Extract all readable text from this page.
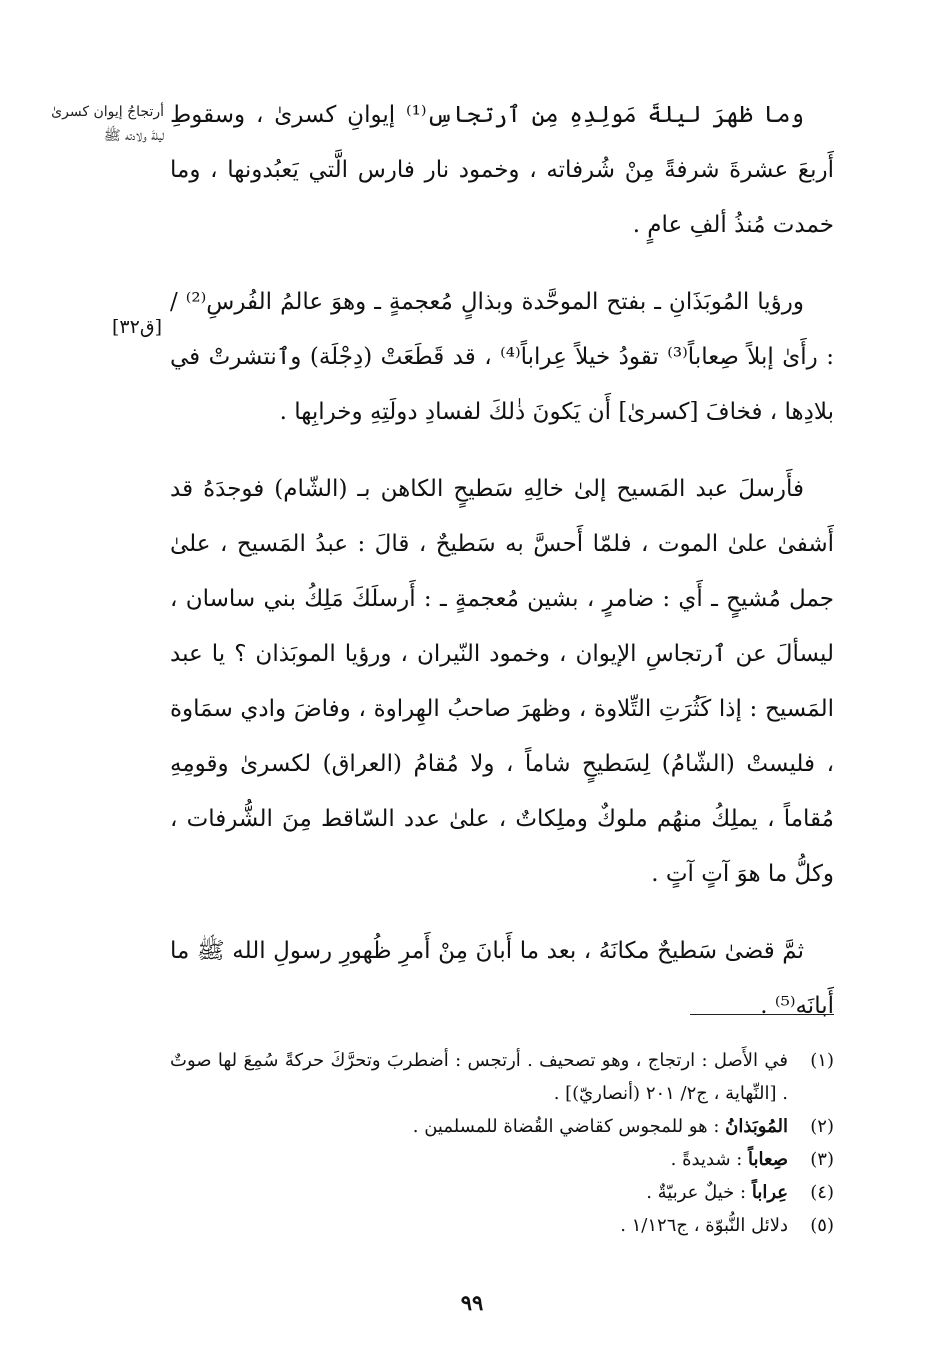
أرتجاجُ إيوان كسرىٰ
ليلةَ ولادته ﷺ
[ق٣٢]

وما ظهرَ ليلةَ مَولِدِهِ مِن ٱرتجاسِ⁽¹⁾ إيوانِ كسرىٰ ، وسقوطِ أَربعَ عشرةَ شرفةً مِنْ شُرفاته ، وخمود نار فارس الَّتي يَعبُدونها ، وما خمدت مُنذُ ألفِ عامٍ .

ورؤيا المُوبَذَانِ ـ بفتح الموحَّدة وبذالٍ مُعجمةٍ ـ وهوَ عالمُ الفُرسِ⁽²⁾ / : رأَىٰ إبلاً صِعاباً⁽³⁾ تقودُ خيلاً عِراباً⁽⁴⁾ ، قد قَطَعَتْ (دِجْلَة) وٱنتشرتْ في بلادِها ، فخافَ [كسرىٰ] أَن يَكونَ ذٰلكَ لفسادِ دولَتِهِ وخرابِها .

فأَرسلَ عبد المَسيح إلىٰ خالِهِ سَطيحٍ الكاهن بـ (الشّام) فوجدَهُ قد أَشفىٰ علىٰ الموت ، فلمّا أَحسَّ به سَطيحٌ ، قالَ : عبدُ المَسيح ، علىٰ جمل مُشيحٍ ـ أَي : ضامرٍ ، بشين مُعجمةٍ ـ : أَرسلَكَ مَلِكُ بني ساسان ، ليسألَ عن ٱرتجاسِ الإيوان ، وخمود النّيران ، ورؤيا الموبَذان ؟ يا عبد المَسيح : إذا كَثُرَتِ التِّلاوة ، وظهرَ صاحبُ الهِراوة ، وفاضَ وادي سمَاوة ، فليستْ (الشّامُ) لِسَطيحٍ شاماً ، ولا مُقامُ (العراق) لكسرىٰ وقومِهِ مُقاماً ، يملِكُ منهُم ملوكٌ وملِكاتٌ ، علىٰ عدد السّاقط مِنَ الشُّرفات ، وكلُّ ما هوَ آتٍ آتٍ .

ثمَّ قضىٰ سَطيحٌ مكانَهُ ، بعد ما أَبانَ مِنْ أَمرِ ظُهورِ رسولِ الله ﷺ ما أَبانَه⁽⁵⁾ .

(١)
في الأَصل : ارتجاج ، وهو تصحيف . أرتجس : أضطربَ وتحرَّكَ حركةً سُمِعَ لها صوتٌ . [النِّهاية ، ج٢/ ٢٠١ (أنصاريّ)] .
(٢)
المُوبَذانُ : هو للمجوس كقاضي القُضاة للمسلمين .
(٣)
صِعاباً : شديدةً .
(٤)
عِراباً : خيلٌ عربيّةٌ .
(٥)
دلائل النُّبوّة ، ج١/١٢٦ .
٩٩
